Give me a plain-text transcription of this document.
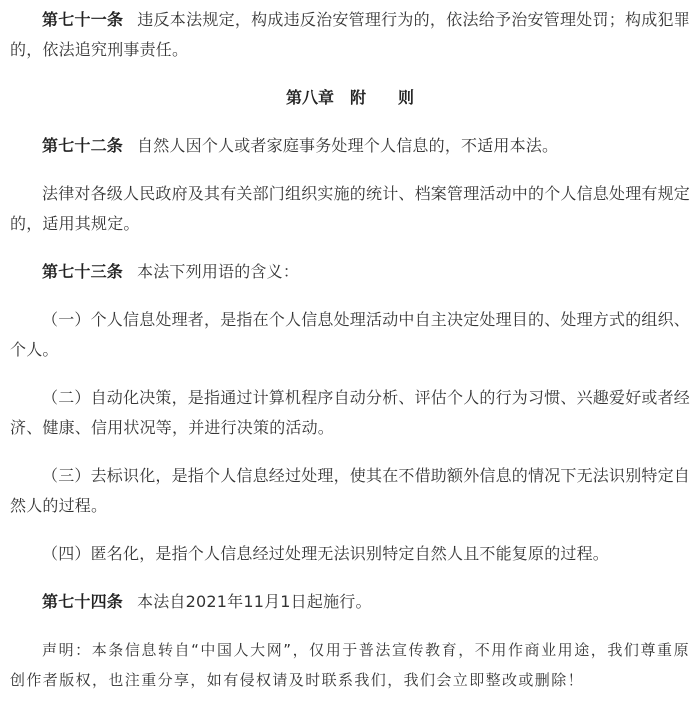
第七十一条 违反本法规定，构成违反治安管理行为的，依法给予治安管理处罚；构成犯罪的，依法追究刑事责任。

第八章　附　　则

第七十二条 自然人因个人或者家庭事务处理个人信息的，不适用本法。

法律对各级人民政府及其有关部门组织实施的统计、档案管理活动中的个人信息处理有规定的，适用其规定。

第七十三条 本法下列用语的含义：

（一）个人信息处理者，是指在个人信息处理活动中自主决定处理目的、处理方式的组织、个人。

（二）自动化决策，是指通过计算机程序自动分析、评估个人的行为习惯、兴趣爱好或者经济、健康、信用状况等，并进行决策的活动。

（三）去标识化，是指个人信息经过处理，使其在不借助额外信息的情况下无法识别特定自然人的过程。

（四）匿名化，是指个人信息经过处理无法识别特定自然人且不能复原的过程。

第七十四条 本法自2021年11月1日起施行。

声明：本条信息转自“中国人大网”，仅用于普法宣传教育，不用作商业用途，我们尊重原创作者版权，也注重分享，如有侵权请及时联系我们，我们会立即整改或删除！
